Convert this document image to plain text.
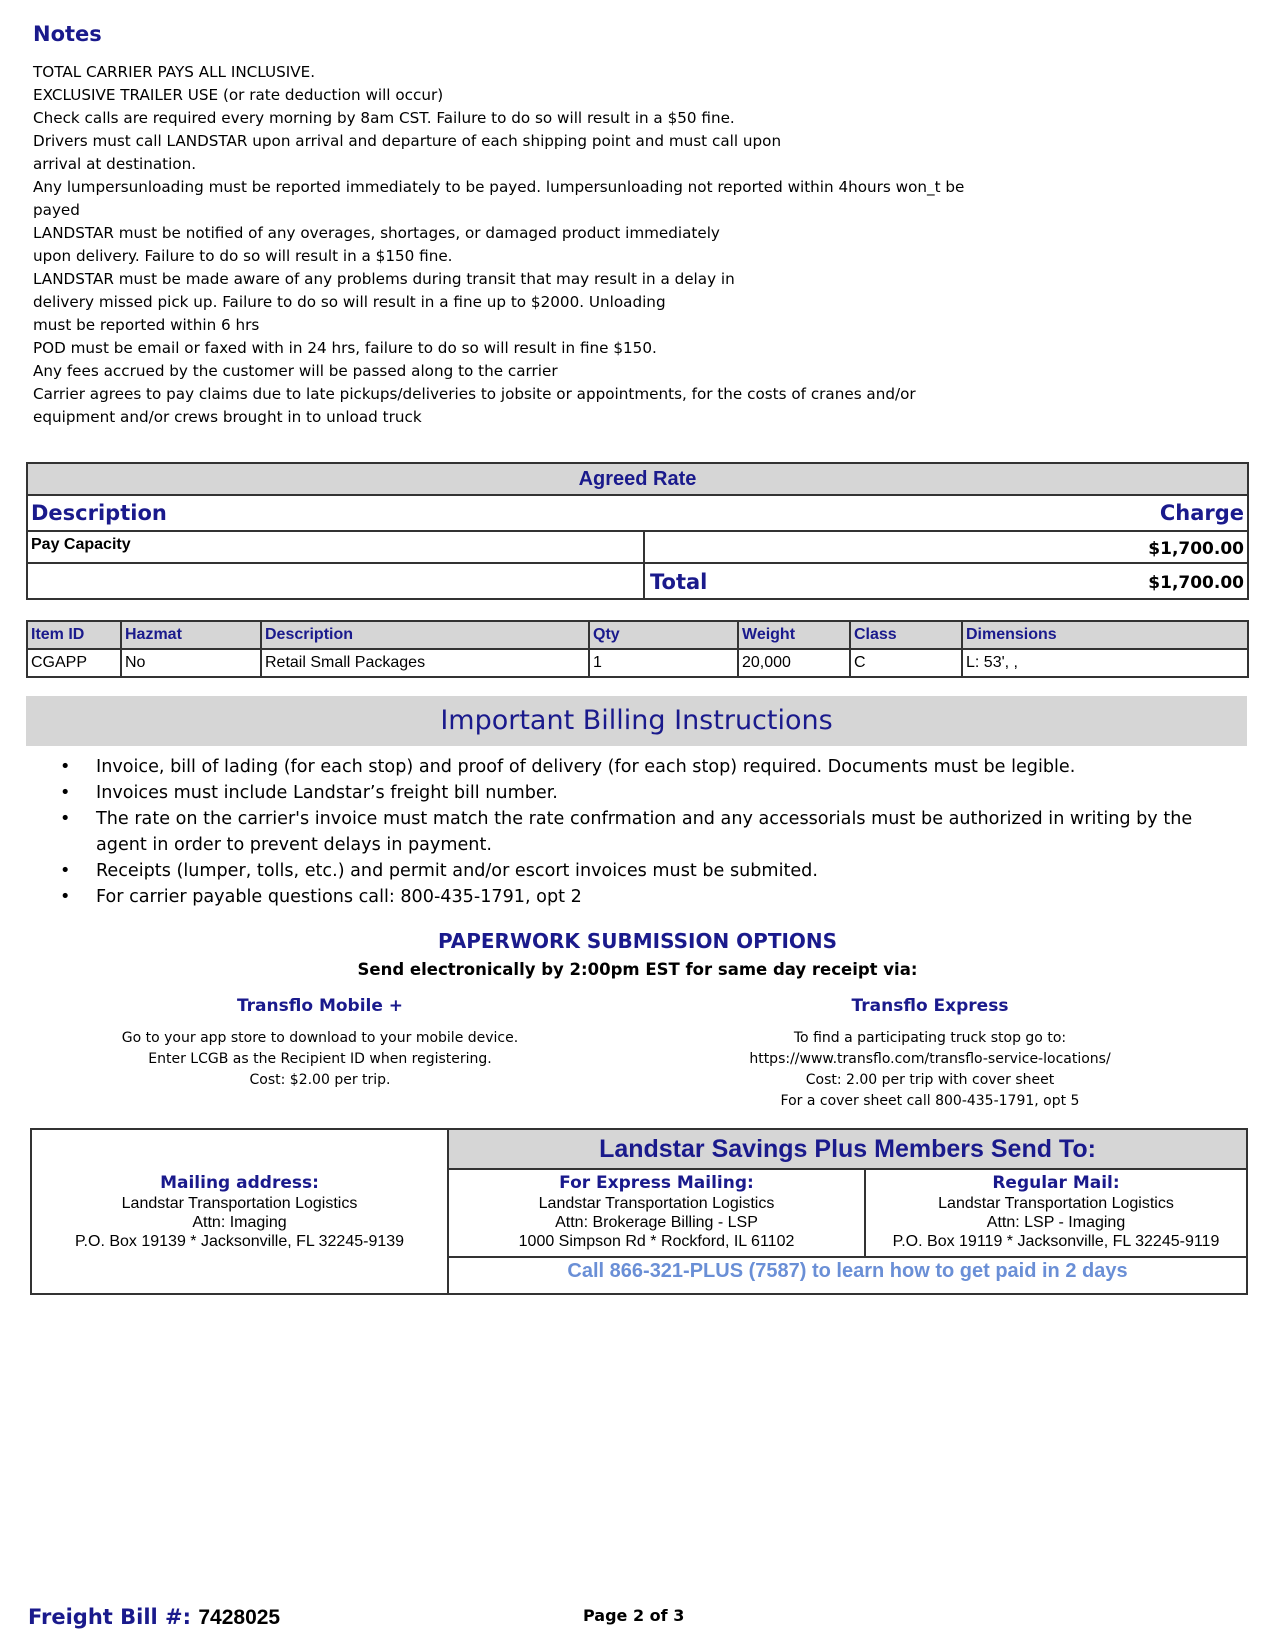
Notes
TOTAL CARRIER PAYS ALL INCLUSIVE.
EXCLUSIVE TRAILER USE (or rate deduction will occur)
Check calls are required every morning by 8am CST. Failure to do so will result in a $50 fine.
Drivers must call LANDSTAR upon arrival and departure of each shipping point and must call upon
arrival at destination.
Any lumpersunloading must be reported immediately to be payed. lumpersunloading not reported within 4hours won_t be
payed
LANDSTAR must be notified of any overages, shortages, or damaged product immediately
upon delivery. Failure to do so will result in a $150 fine.
LANDSTAR must be made aware of any problems during transit that may result in a delay in
delivery missed pick up. Failure to do so will result in a fine up to $2000. Unloading
must be reported within 6 hrs
POD must be email or faxed with in 24 hrs, failure to do so will result in fine $150.
Any fees accrued by the customer will be passed along to the carrier
Carrier agrees to pay claims due to late pickups/deliveries to jobsite or appointments, for the costs of cranes and/or
equipment and/or crews brought in to unload truck
Agreed Rate
Description	Charge
Pay Capacity	$1,700.00
Total	$1,700.00
Item ID	Hazmat	Description	Qty	Weight	Class	Dimensions
CGAPP	No	Retail Small Packages	1	20,000	C	L: 53', ,
Important Billing Instructions
• Invoice, bill of lading (for each stop) and proof of delivery (for each stop) required. Documents must be legible.
• Invoices must include Landstar’s freight bill number.
• The rate on the carrier's invoice must match the rate confrmation and any accessorials must be authorized in writing by the agent in order to prevent delays in payment.
• Receipts (lumper, tolls, etc.) and permit and/or escort invoices must be submited.
• For carrier payable questions call: 800-435-1791, opt 2
PAPERWORK SUBMISSION OPTIONS
Send electronically by 2:00pm EST for same day receipt via:
Transflo Mobile +
Go to your app store to download to your mobile device.
Enter LCGB as the Recipient ID when registering.
Cost: $2.00 per trip.
Transflo Express
To find a participating truck stop go to:
https://www.transflo.com/transflo-service-locations/
Cost: 2.00 per trip with cover sheet
For a cover sheet call 800-435-1791, opt 5
Landstar Savings Plus Members Send To:
Mailing address:
Landstar Transportation Logistics
Attn: Imaging
P.O. Box 19139 * Jacksonville, FL 32245-9139
For Express Mailing:
Landstar Transportation Logistics
Attn: Brokerage Billing - LSP
1000 Simpson Rd * Rockford, IL 61102
Regular Mail:
Landstar Transportation Logistics
Attn: LSP - Imaging
P.O. Box 19119 * Jacksonville, FL 32245-9119
Call 866-321-PLUS (7587) to learn how to get paid in 2 days
Freight Bill #: 7428025	Page 2 of 3
